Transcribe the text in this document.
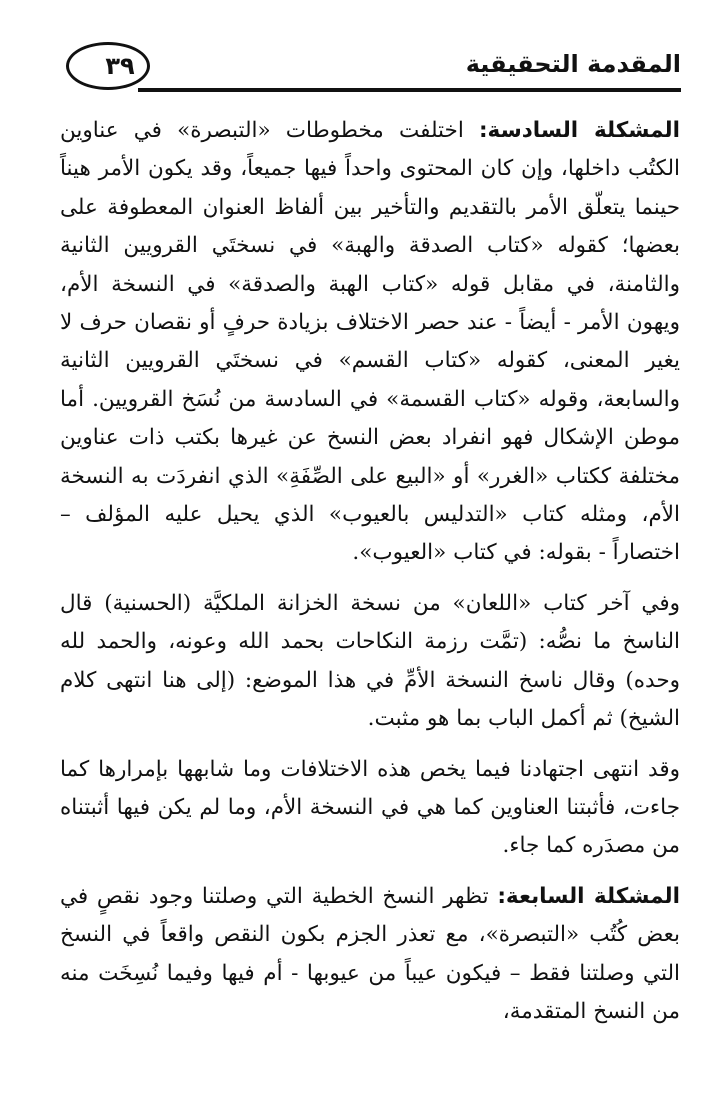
٣٩	المقدمة التحقيقية

المشكلة السادسة: اختلفت مخطوطات «التبصرة» في عناوين الكتُب داخلها، وإن كان المحتوى واحداً فيها جميعاً، وقد يكون الأمر هيناً حينما يتعلّق الأمر بالتقديم والتأخير بين ألفاظ العنوان المعطوفة على بعضها؛ كقوله «كتاب الصدقة والهبة» في نسختَي القرويين الثانية والثامنة، في مقابل قوله «كتاب الهبة والصدقة» في النسخة الأم، ويهون الأمر - أيضاً - عند حصر الاختلاف بزيادة حرفٍ أو نقصان حرف لا يغير المعنى، كقوله «كتاب القسم» في نسختَي القرويين الثانية والسابعة، وقوله «كتاب القسمة» في السادسة من نُسَخ القرويين. أما موطن الإشكال فهو انفراد بعض النسخ عن غيرها بكتب ذات عناوين مختلفة ككتاب «الغرر» أو «البيع على الصِّفَةِ» الذي انفردَت به النسخة الأم، ومثله كتاب «التدليس بالعيوب» الذي يحيل عليه المؤلف – اختصاراً - بقوله: في كتاب «العيوب».

وفي آخر كتاب «اللعان» من نسخة الخزانة الملكيَّة (الحسنية) قال الناسخ ما نصُّه: (تمَّت رزمة النكاحات بحمد الله وعونه، والحمد لله وحده) وقال ناسخ النسخة الأمِّ في هذا الموضع: (إلى هنا انتهى كلام الشيخ) ثم أكمل الباب بما هو مثبت.

وقد انتهى اجتهادنا فيما يخص هذه الاختلافات وما شابهها بإمرارها كما جاءت، فأثبتنا العناوين كما هي في النسخة الأم، وما لم يكن فيها أثبتناه من مصدَره كما جاء.

المشكلة السابعة: تظهر النسخ الخطية التي وصلتنا وجود نقصٍ في بعض كُتُب «التبصرة»، مع تعذر الجزم بكون النقص واقعاً في النسخ التي وصلتنا فقط – فيكون عيباً من عيوبها - أم فيها وفيما نُسِخَت منه من النسخ المتقدمة،
